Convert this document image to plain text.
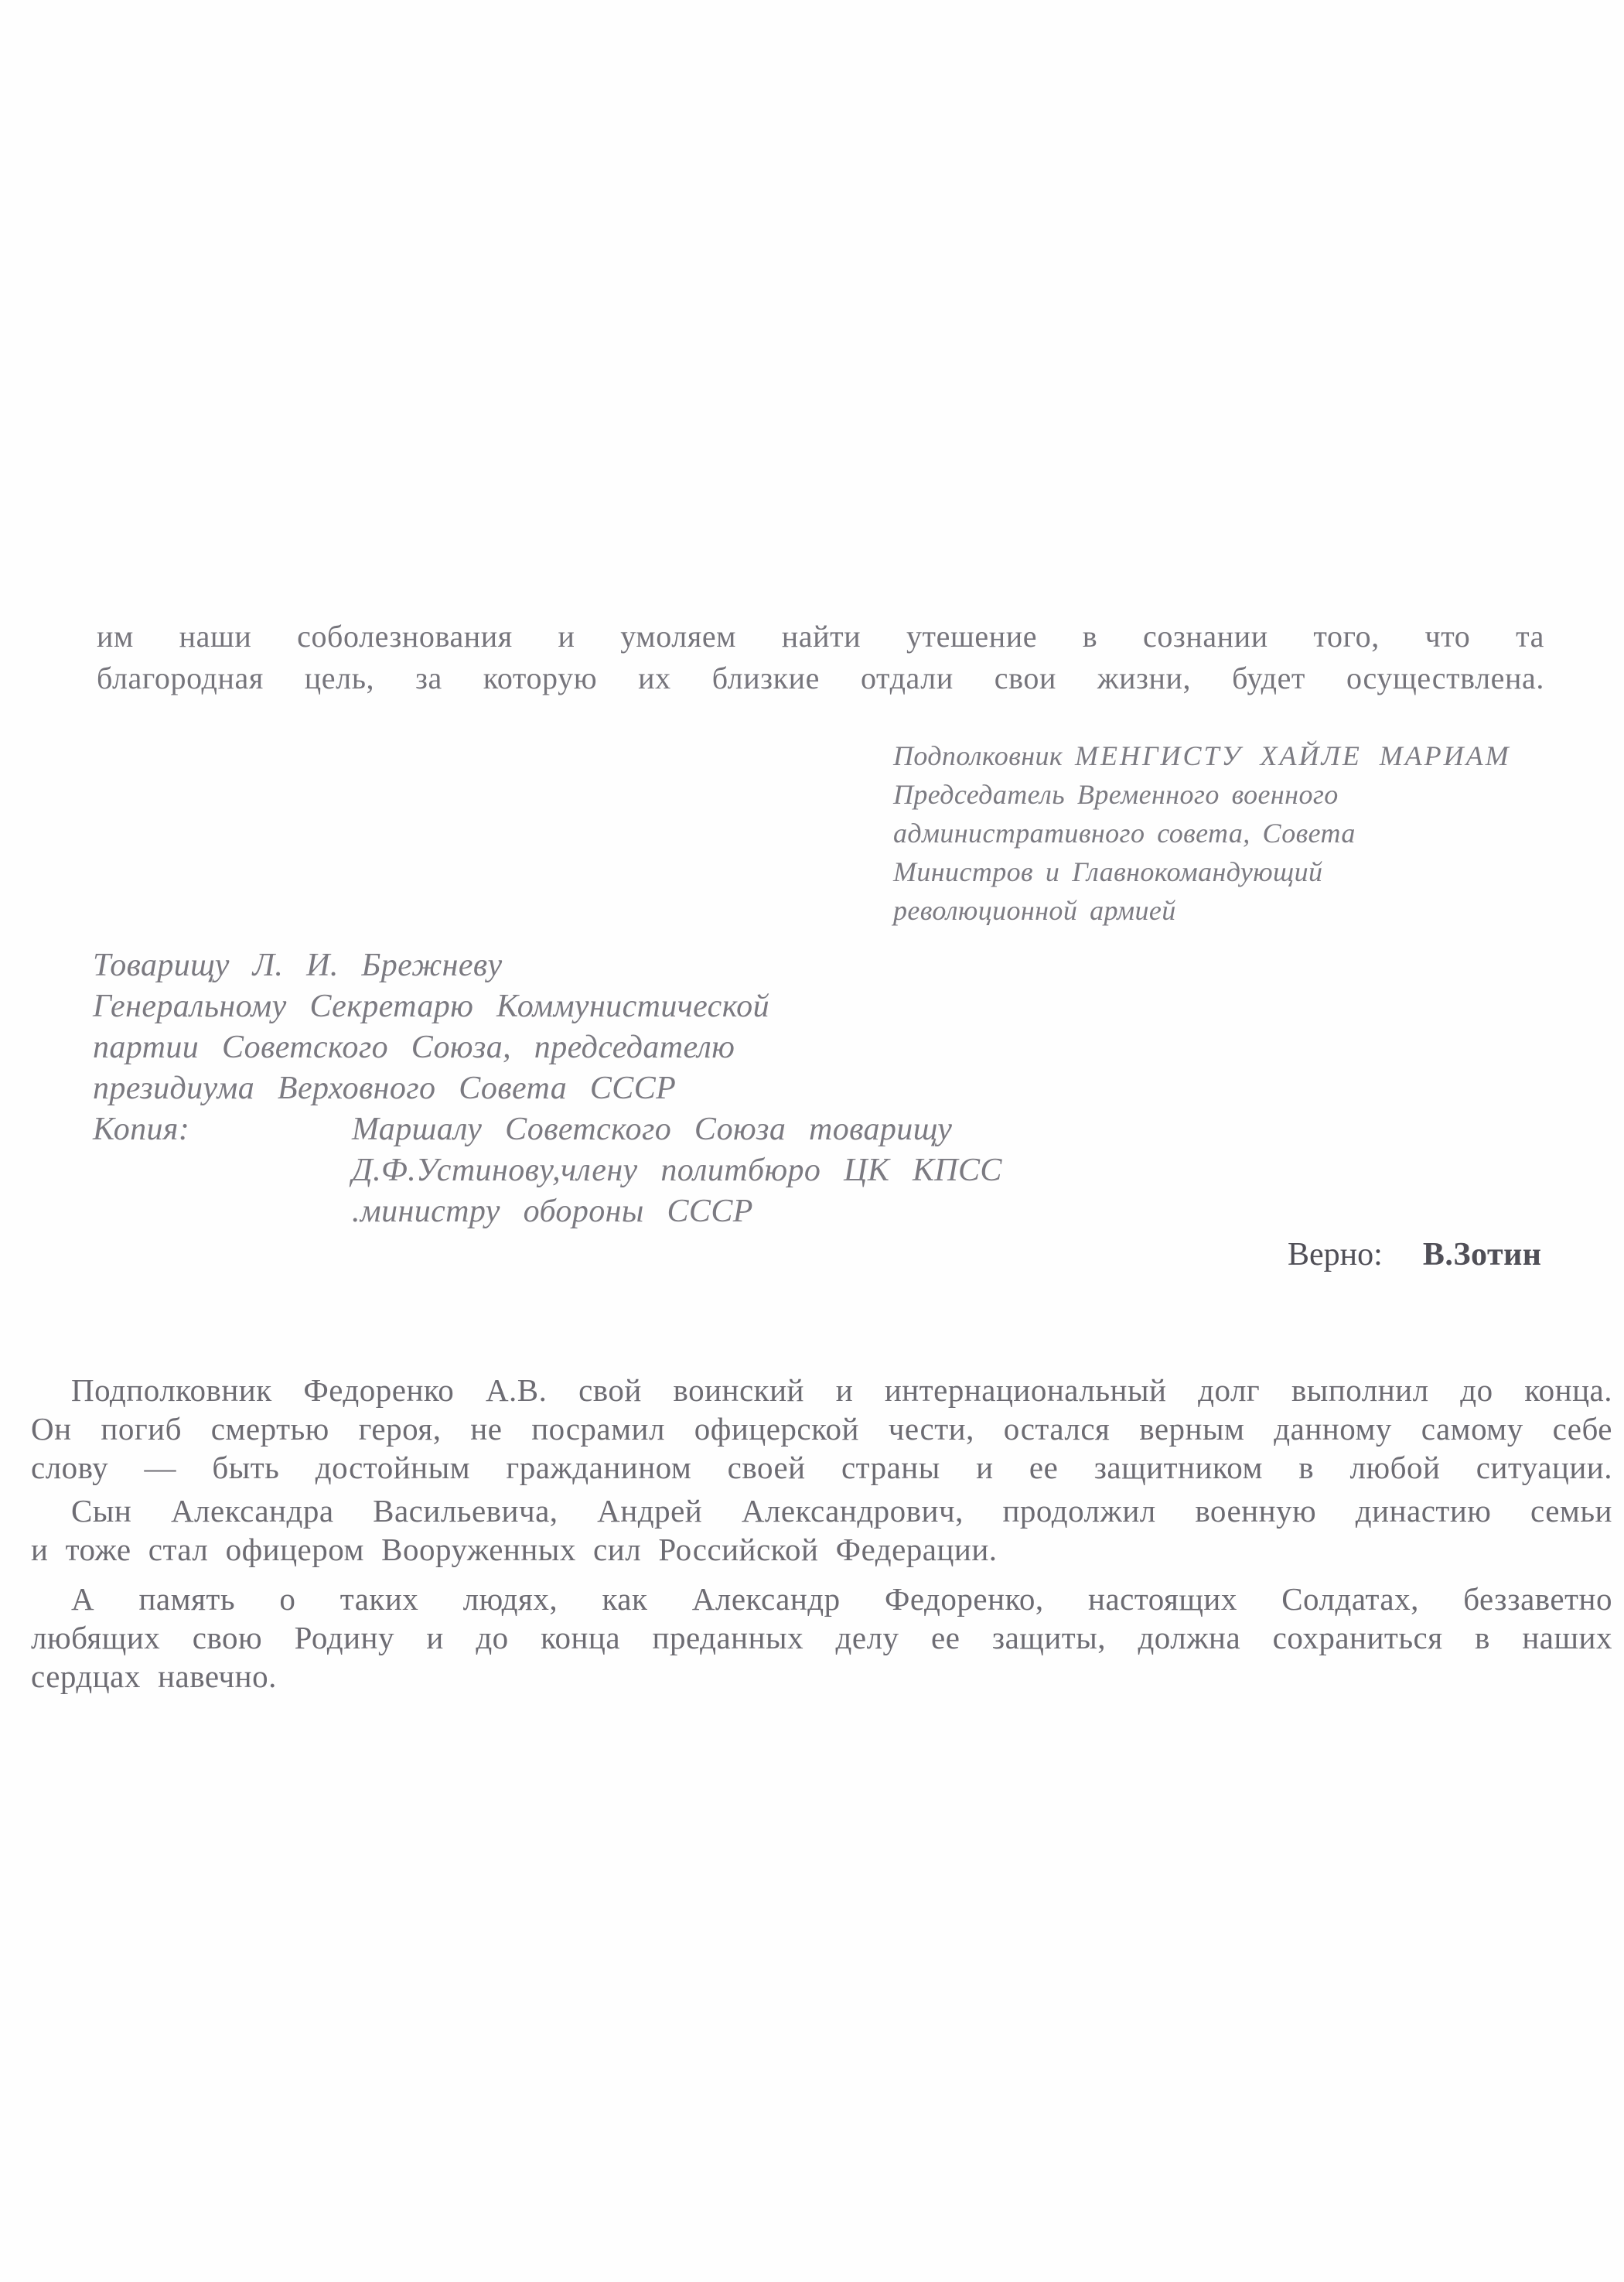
им наши соболезнования и умоляем найти утешение в сознании того, что та
благородная цель, за которую их близкие отдали свои жизни, будет осуществлена.
Подполковник МЕНГИСТУ ХАЙЛЕ МАРИАМ
Председатель Временного военного
административного совета, Совета
Министров и Главнокомандующий
революционной армией
Товарищу Л. И. Брежневу
Генеральному Секретарю Коммунистической
партии Советского Союза, председателю
президиума Верховного Совета СССР
Копия:	Маршалу Советского Союза товарищу
Д.Ф.Устинову,члену политбюро ЦК КПСС
.министру обороны СССР
Верно: В.Зотин
Подполковник Федоренко А.В. свой воинский и интернациональный долг выполнил до конца.
Он погиб смертью героя, не посрамил офицерской чести, остался верным данному самому себе
слову — быть достойным гражданином своей страны и ее защитником в любой ситуации.
Сын Александра Васильевича, Андрей Александрович, продолжил военную династию семьи
и тоже стал офицером Вооруженных сил Российской Федерации.
А память о таких людях, как Александр Федоренко, настоящих Солдатах, беззаветно
любящих свою Родину и до конца преданных делу ее защиты, должна сохраниться в наших
сердцах навечно.
